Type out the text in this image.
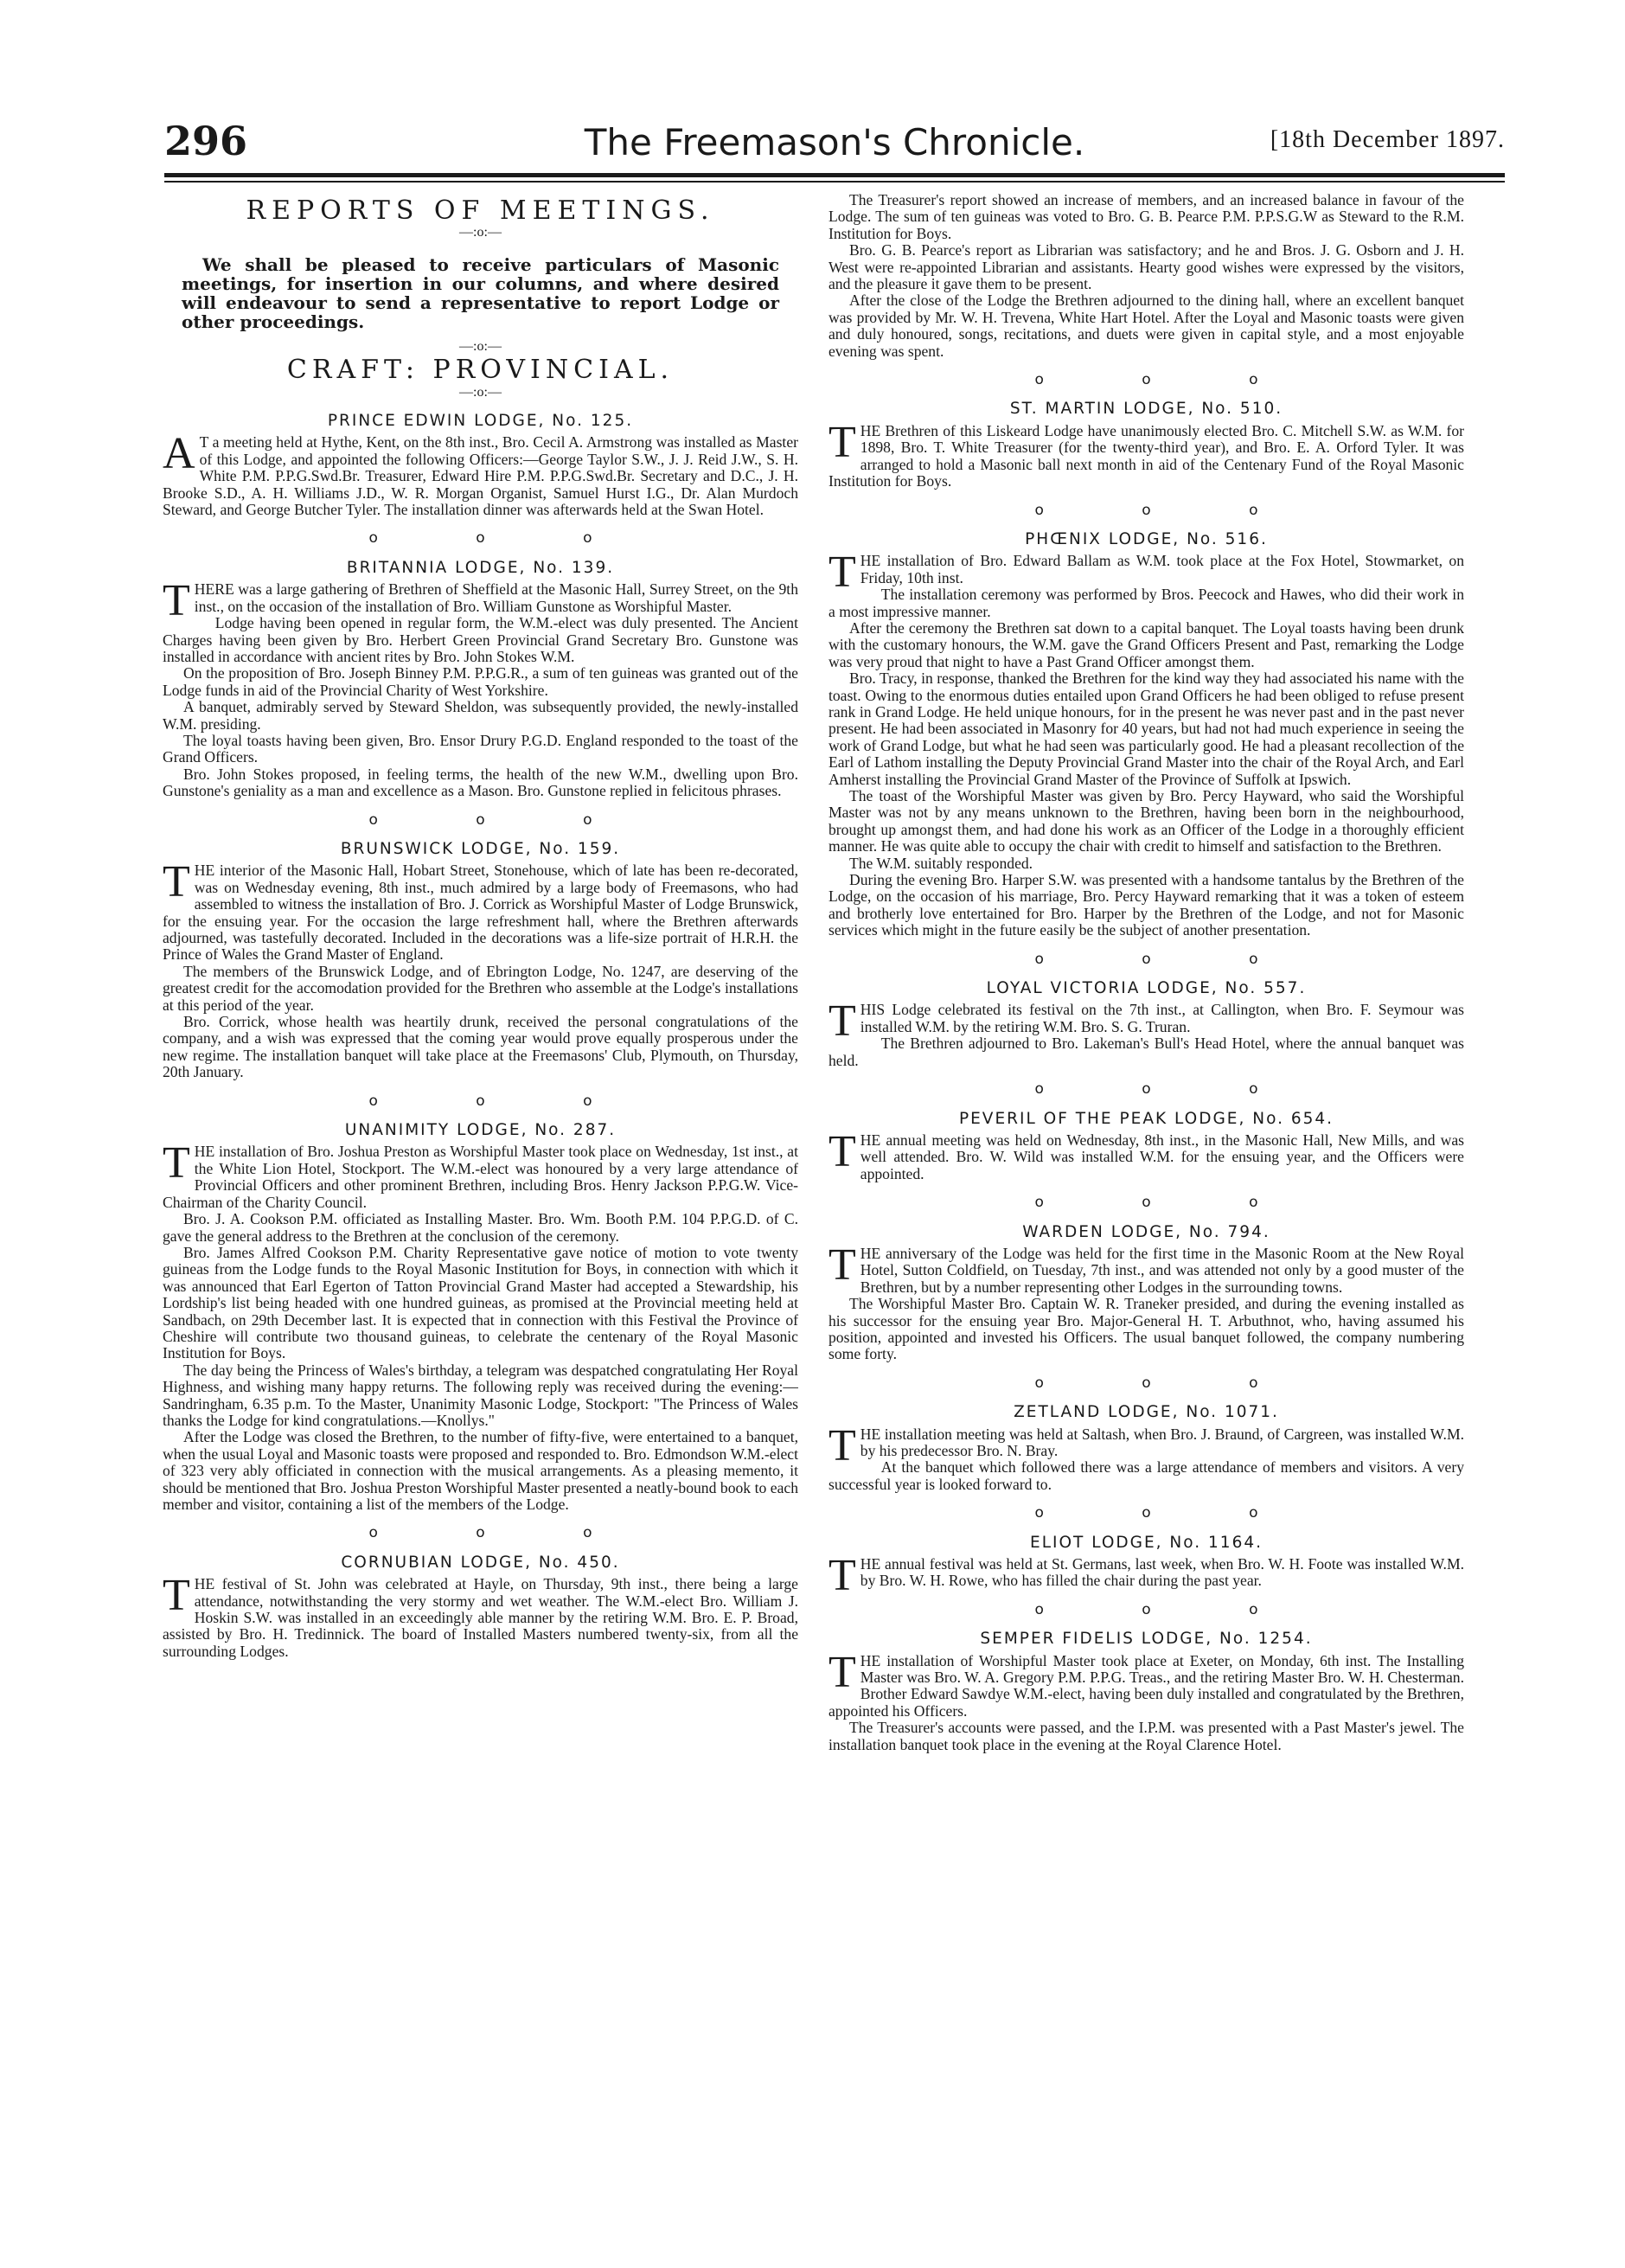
296	The Freemason's Chronicle.	[18th December 1897.
REPORTS OF MEETINGS.
—:o:—
We shall be pleased to receive particulars of Masonic meetings, for insertion in our columns, and where desired will endeavour to send a representative to report Lodge or other proceedings.
—:o:—
CRAFT: PROVINCIAL.
—:o:—
PRINCE EDWIN LODGE, No. 125.

A T a meeting held at Hythe, Kent, on the 8th inst., Bro. Cecil A. Armstrong was installed as Master of this Lodge, and appointed the following Officers:—George Taylor S.W., J. J. Reid J.W., S. H. White P.M. P.P.G.Swd.Br. Treasurer, Edward Hire P.M. P.P.G.Swd.Br. Secretary and D.C., J. H. Brooke S.D., A. H. Williams J.D., W. R. Morgan Organist, Samuel Hurst I.G., Dr. Alan Murdoch Steward, and George Butcher Tyler. The installation dinner was afterwards held at the Swan Hotel.

o o o
BRITANNIA LODGE, No. 139.

THERE was a large gathering of Brethren of Sheffield at the Masonic Hall, Surrey Street, on the 9th inst., on the occasion of the installation of Bro. William Gunstone as Worshipful Master.

Lodge having been opened in regular form, the W.M.-elect was duly presented. The Ancient Charges having been given by Bro. Herbert Green Provincial Grand Secretary Bro. Gunstone was installed in accordance with ancient rites by Bro. John Stokes W.M.

On the proposition of Bro. Joseph Binney P.M. P.P.G.R., a sum of ten guineas was granted out of the Lodge funds in aid of the Provincial Charity of West Yorkshire.

A banquet, admirably served by Steward Sheldon, was subsequently provided, the newly-installed W.M. presiding.

The loyal toasts having been given, Bro. Ensor Drury P.G.D. England responded to the toast of the Grand Officers.

Bro. John Stokes proposed, in feeling terms, the health of the new W.M., dwelling upon Bro. Gunstone's geniality as a man and excellence as a Mason. Bro. Gunstone replied in felicitous phrases.

o o o
BRUNSWICK LODGE, No. 159.

THE interior of the Masonic Hall, Hobart Street, Stonehouse, which of late has been re-decorated, was on Wednesday evening, 8th inst., much admired by a large body of Freemasons, who had assembled to witness the installation of Bro. J. Corrick as Worshipful Master of Lodge Brunswick, for the ensuing year. For the occasion the large refreshment hall, where the Brethren afterwards adjourned, was tastefully decorated. Included in the decorations was a life-size portrait of H.R.H. the Prince of Wales the Grand Master of England.

The members of the Brunswick Lodge, and of Ebrington Lodge, No. 1247, are deserving of the greatest credit for the accomodation provided for the Brethren who assemble at the Lodge's installations at this period of the year.

Bro. Corrick, whose health was heartily drunk, received the personal congratulations of the company, and a wish was expressed that the coming year would prove equally prosperous under the new regime. The installation banquet will take place at the Freemasons' Club, Plymouth, on Thursday, 20th January.

o o o
UNANIMITY LODGE, No. 287.

THE installation of Bro. Joshua Preston as Worshipful Master took place on Wednesday, 1st inst., at the White Lion Hotel, Stockport. The W.M.-elect was honoured by a very large attendance of Provincial Officers and other prominent Brethren, including Bros. Henry Jackson P.P.G.W. Vice-Chairman of the Charity Council.

Bro. J. A. Cookson P.M. officiated as Installing Master. Bro. Wm. Booth P.M. 104 P.P.G.D. of C. gave the general address to the Brethren at the conclusion of the ceremony.

Bro. James Alfred Cookson P.M. Charity Representative gave notice of motion to vote twenty guineas from the Lodge funds to the Royal Masonic Institution for Boys, in connection with which it was announced that Earl Egerton of Tatton Provincial Grand Master had accepted a Stewardship, his Lordship's list being headed with one hundred guineas, as promised at the Provincial meeting held at Sandbach, on 29th December last. It is expected that in connection with this Festival the Province of Cheshire will contribute two thousand guineas, to celebrate the centenary of the Royal Masonic Institution for Boys.

The day being the Princess of Wales's birthday, a telegram was despatched congratulating Her Royal Highness, and wishing many happy returns. The following reply was received during the evening:— Sandringham, 6.35 p.m. To the Master, Unanimity Masonic Lodge, Stockport: "The Princess of Wales thanks the Lodge for kind congratulations.—Knollys."

After the Lodge was closed the Brethren, to the number of fifty-five, were entertained to a banquet, when the usual Loyal and Masonic toasts were proposed and responded to. Bro. Edmondson W.M.-elect of 323 very ably officiated in connection with the musical arrangements. As a pleasing memento, it should be mentioned that Bro. Joshua Preston Worshipful Master presented a neatly-bound book to each member and visitor, containing a list of the members of the Lodge.

o o o
CORNUBIAN LODGE, No. 450.

THE festival of St. John was celebrated at Hayle, on Thursday, 9th inst., there being a large attendance, notwithstanding the very stormy and wet weather. The W.M.-elect Bro. William J. Hoskin S.W. was installed in an exceedingly able manner by the retiring W.M. Bro. E. P. Broad, assisted by Bro. H. Tredinnick. The board of Installed Masters numbered twenty-six, from all the surrounding Lodges.

The Treasurer's report showed an increase of members, and an increased balance in favour of the Lodge. The sum of ten guineas was voted to Bro. G. B. Pearce P.M. P.P.S.G.W as Steward to the R.M. Institution for Boys.

Bro. G. B. Pearce's report as Librarian was satisfactory; and he and Bros. J. G. Osborn and J. H. West were re-appointed Librarian and assistants. Hearty good wishes were expressed by the visitors, and the pleasure it gave them to be present.

After the close of the Lodge the Brethren adjourned to the dining hall, where an excellent banquet was provided by Mr. W. H. Trevena, White Hart Hotel. After the Loyal and Masonic toasts were given and duly honoured, songs, recitations, and duets were given in capital style, and a most enjoyable evening was spent.

o o o
ST. MARTIN LODGE, No. 510.

THE Brethren of this Liskeard Lodge have unanimously elected Bro. C. Mitchell S.W. as W.M. for 1898, Bro. T. White Treasurer (for the twenty-third year), and Bro. E. A. Orford Tyler. It was arranged to hold a Masonic ball next month in aid of the Centenary Fund of the Royal Masonic Institution for Boys.

o o o
PHŒNIX LODGE, No. 516.

THE installation of Bro. Edward Ballam as W.M. took place at the Fox Hotel, Stowmarket, on Friday, 10th inst.

The installation ceremony was performed by Bros. Peecock and Hawes, who did their work in a most impressive manner.

After the ceremony the Brethren sat down to a capital banquet. The Loyal toasts having been drunk with the customary honours, the W.M. gave the Grand Officers Present and Past, remarking the Lodge was very proud that night to have a Past Grand Officer amongst them.

Bro. Tracy, in response, thanked the Brethren for the kind way they had associated his name with the toast. Owing to the enormous duties entailed upon Grand Officers he had been obliged to refuse present rank in Grand Lodge. He held unique honours, for in the present he was never past and in the past never present. He had been associated in Masonry for 40 years, but had not had much experience in seeing the work of Grand Lodge, but what he had seen was particularly good. He had a pleasant recollection of the Earl of Lathom installing the Deputy Provincial Grand Master into the chair of the Royal Arch, and Earl Amherst installing the Provincial Grand Master of the Province of Suffolk at Ipswich.

The toast of the Worshipful Master was given by Bro. Percy Hayward, who said the Worshipful Master was not by any means unknown to the Brethren, having been born in the neighbourhood, brought up amongst them, and had done his work as an Officer of the Lodge in a thoroughly efficient manner. He was quite able to occupy the chair with credit to himself and satisfaction to the Brethren.

The W.M. suitably responded.

During the evening Bro. Harper S.W. was presented with a handsome tantalus by the Brethren of the Lodge, on the occasion of his marriage, Bro. Percy Hayward remarking that it was a token of esteem and brotherly love entertained for Bro. Harper by the Brethren of the Lodge, and not for Masonic services which might in the future easily be the subject of another presentation.

o o o
LOYAL VICTORIA LODGE, No. 557.

THIS Lodge celebrated its festival on the 7th inst., at Callington, when Bro. F. Seymour was installed W.M. by the retiring W.M. Bro. S. G. Truran.

The Brethren adjourned to Bro. Lakeman's Bull's Head Hotel, where the annual banquet was held.

o o o
PEVERIL OF THE PEAK LODGE, No. 654.

THE annual meeting was held on Wednesday, 8th inst., in the Masonic Hall, New Mills, and was well attended. Bro. W. Wild was installed W.M. for the ensuing year, and the Officers were appointed.

o o o
WARDEN LODGE, No. 794.

THE anniversary of the Lodge was held for the first time in the Masonic Room at the New Royal Hotel, Sutton Coldfield, on Tuesday, 7th inst., and was attended not only by a good muster of the Brethren, but by a number representing other Lodges in the surrounding towns.

The Worshipful Master Bro. Captain W. R. Traneker presided, and during the evening installed as his successor for the ensuing year Bro. Major-General H. T. Arbuthnot, who, having assumed his position, appointed and invested his Officers. The usual banquet followed, the company numbering some forty.

o o o
ZETLAND LODGE, No. 1071.

THE installation meeting was held at Saltash, when Bro. J. Braund, of Cargreen, was installed W.M. by his predecessor Bro. N. Bray.

At the banquet which followed there was a large attendance of members and visitors. A very successful year is looked forward to.

o o o
ELIOT LODGE, No. 1164.

THE annual festival was held at St. Germans, last week, when Bro. W. H. Foote was installed W.M. by Bro. W. H. Rowe, who has filled the chair during the past year.

o o o
SEMPER FIDELIS LODGE, No. 1254.

THE installation of Worshipful Master took place at Exeter, on Monday, 6th inst. The Installing Master was Bro. W. A. Gregory P.M. P.P.G. Treas., and the retiring Master Bro. W. H. Chesterman. Brother Edward Sawdye W.M.-elect, having been duly installed and congratulated by the Brethren, appointed his Officers.

The Treasurer's accounts were passed, and the I.P.M. was presented with a Past Master's jewel. The installation banquet took place in the evening at the Royal Clarence Hotel.
